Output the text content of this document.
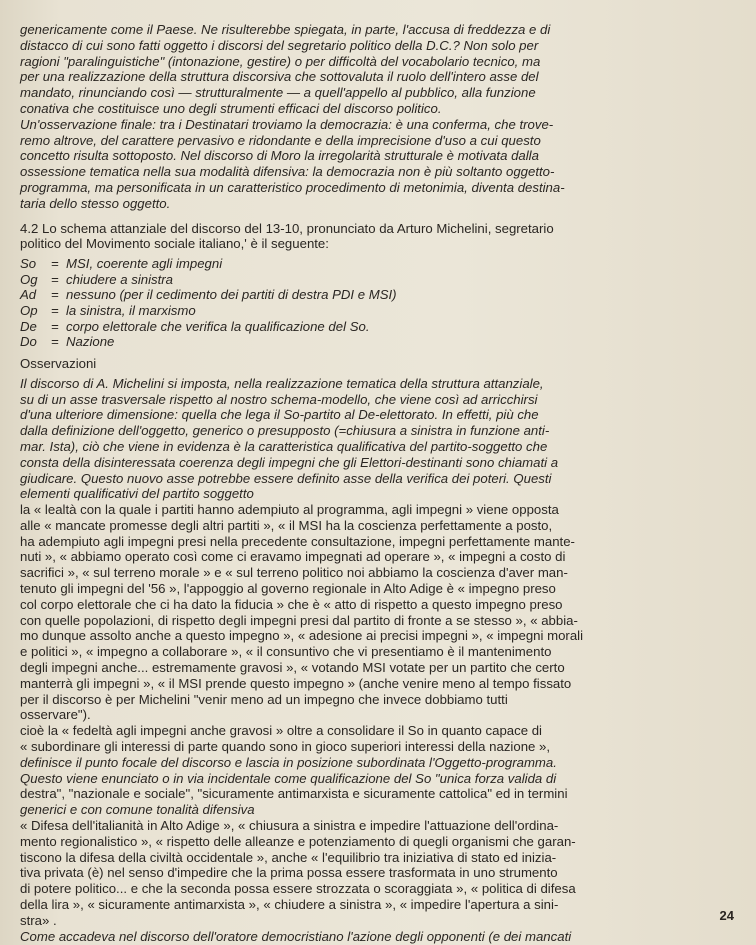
genericamente come il Paese. Ne risulterebbe spiegata, in parte, l'accusa di freddezza e di
distacco di cui sono fatti oggetto i discorsi del segretario politico della D.C.? Non solo per
ragioni "paralinguistiche" (intonazione, gestire) o per difficoltà del vocabolario tecnico, ma
per una realizzazione della struttura discorsiva che sottovaluta il ruolo dell'intero asse del
mandato, rinunciando così — strutturalmente — a quell'appello al pubblico, alla funzione
conativa che costituisce uno degli strumenti efficaci del discorso politico.
Un'osservazione finale: tra i Destinatari troviamo la democrazia: è una conferma, che trove-
remo altrove, del carattere pervasivo e ridondante e della imprecisione d'uso a cui questo
concetto risulta sottoposto. Nel discorso di Moro la irregolarità strutturale è motivata dalla
ossessione tematica nella sua modalità difensiva: la democrazia non è più soltanto oggetto-
programma, ma personificata in un caratteristico procedimento di metonimia, diventa destina-
taria dello stesso oggetto.
4.2 Lo schema attanziale del discorso del 13-10, pronunciato da Arturo Michelini, segretario
politico del Movimento sociale italiano,' è il seguente:
So	= MSI, coerente agli impegni
Og	= chiudere a sinistra
Ad	= nessuno (per il cedimento dei partiti di destra PDI e MSI)
Op	= la sinistra, il marxismo
De	= corpo elettorale che verifica la qualificazione del So.
Do	= Nazione
Osservazioni
Il discorso di A. Michelini si imposta, nella realizzazione tematica della struttura attanziale,
su di un asse trasversale rispetto al nostro schema-modello, che viene così ad arricchirsi
d'una ulteriore dimensione: quella che lega il So-partito al De-elettorato. In effetti, più che
dalla definizione dell'oggetto, generico o presupposto (=chiusura a sinistra in funzione anti-
mar. Ista), ciò che viene in evidenza è la caratteristica qualificativa del partito-soggetto che
consta della disinteressata coerenza degli impegni che gli Elettori-destinanti sono chiamati a
giudicare. Questo nuovo asse potrebbe essere definito asse della verifica dei poteri. Questi
elementi qualificativi del partito soggetto
la « lealtà con la quale i partiti hanno adempiuto al programma, agli impegni » viene opposta
alle « mancate promesse degli altri partiti », « il MSI ha la coscienza perfettamente a posto,
ha adempiuto agli impegni presi nella precedente consultazione, impegni perfettamente mante-
nuti », « abbiamo operato così come ci eravamo impegnati ad operare », « impegni a costo di
sacrifici », « sul terreno morale » e « sul terreno politico noi abbiamo la coscienza d'aver man-
tenuto gli impegni del '56 », l'appoggio al governo regionale in Alto Adige è « impegno preso
col corpo elettorale che ci ha dato la fiducia » che è « atto di rispetto a questo impegno preso
con quelle popolazioni, di rispetto degli impegni presi dal partito di fronte a se stesso », « abbia-
mo dunque assolto anche a questo impegno », « adesione ai precisi impegni », « impegni morali
e politici », « impegno a collaborare », « il consuntivo che vi presentiamo è il mantenimento
degli impegni anche... estremamente gravosi », « votando MSI votate per un partito che certo
manterrà gli impegni », « il MSI prende questo impegno » (anche venire meno al tempo fissato
per il discorso è per Michelini "venir meno ad un impegno che invece dobbiamo tutti
osservare").
cioè la « fedeltà agli impegni anche gravosi » oltre a consolidare il So in quanto capace di
« subordinare gli interessi di parte quando sono in gioco superiori interessi della nazione »,
definisce il punto focale del discorso e lascia in posizione subordinata l'Oggetto-programma.
Questo viene enunciato o in via incidentale come qualificazione del So "unica forza valida di
destra", "nazionale e sociale", "sicuramente antimarxista e sicuramente cattolica" ed in termini
generici e con comune tonalità difensiva
« Difesa dell'italianità in Alto Adige », « chiusura a sinistra e impedire l'attuazione dell'ordina-
mento regionalistico », « rispetto delle alleanze e potenziamento di quegli organismi che garan-
tiscono la difesa della civiltà occidentale », anche « l'equilibrio tra iniziativa di stato ed inizia-
tiva privata (è) nel senso d'impedire che la prima possa essere trasformata in uno strumento
di potere politico... e che la seconda possa essere strozzata o scoraggiata », « politica di difesa
della lira », « sicuramente antimarxista », « chiudere a sinistra », « impedire l'apertura a sini-
stra» .
Come accadeva nel discorso dell'oratore democristiano l'azione degli opponenti (e dei mancati
24
